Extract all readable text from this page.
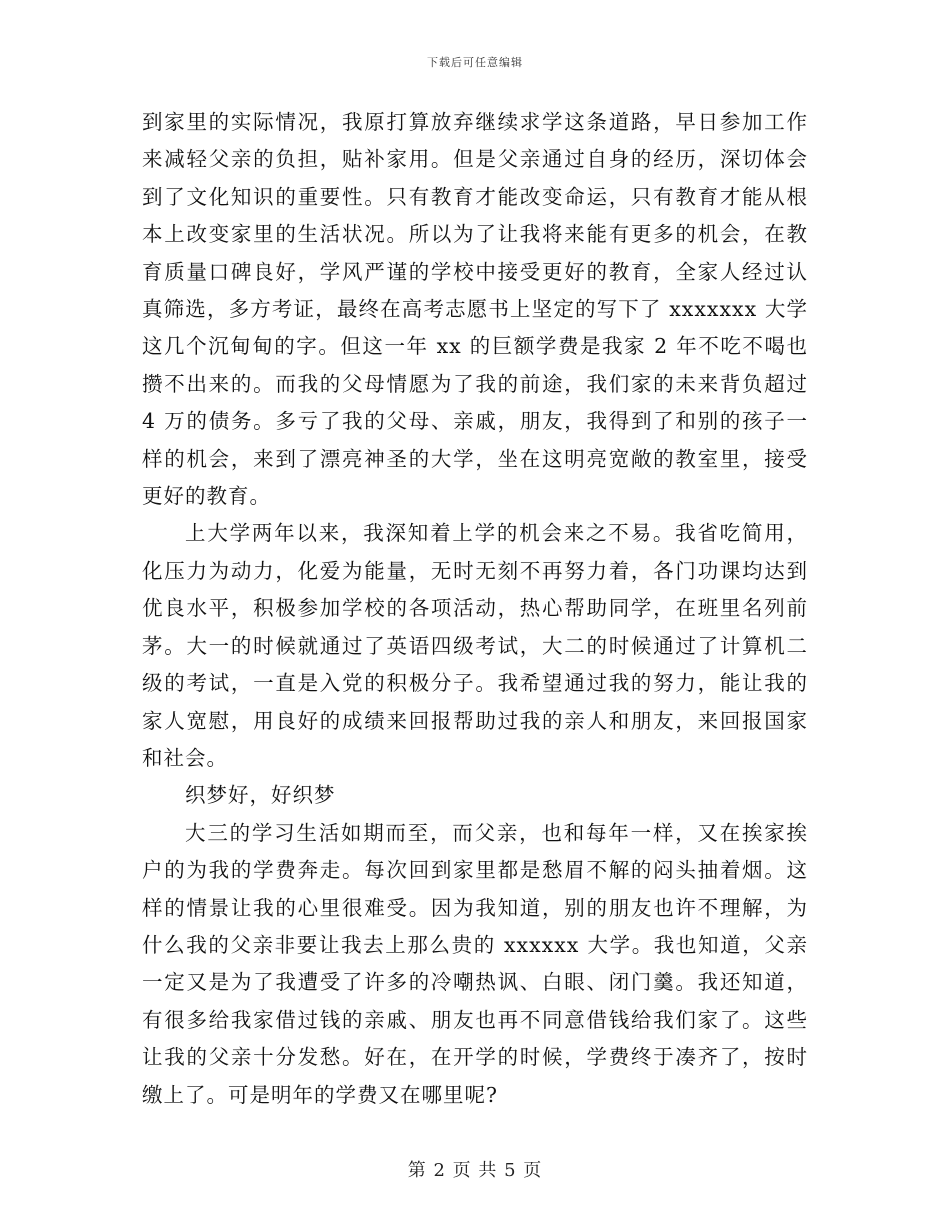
下载后可任意编辑

到家里的实际情况，我原打算放弃继续求学这条道路，早日参加工作来减轻父亲的负担，贴补家用。但是父亲通过自身的经历，深切体会到了文化知识的重要性。只有教育才能改变命运，只有教育才能从根本上改变家里的生活状况。所以为了让我将来能有更多的机会，在教育质量口碑良好，学风严谨的学校中接受更好的教育，全家人经过认真筛选，多方考证，最终在高考志愿书上坚定的写下了 xxxxxxx 大学这几个沉甸甸的字。但这一年 xx 的巨额学费是我家 2 年不吃不喝也攒不出来的。而我的父母情愿为了我的前途，我们家的未来背负超过 4 万的债务。多亏了我的父母、亲戚，朋友，我得到了和别的孩子一样的机会，来到了漂亮神圣的大学，坐在这明亮宽敞的教室里，接受更好的教育。

上大学两年以来，我深知着上学的机会来之不易。我省吃简用，化压力为动力，化爱为能量，无时无刻不再努力着，各门功课均达到优良水平，积极参加学校的各项活动，热心帮助同学，在班里名列前茅。大一的时候就通过了英语四级考试，大二的时候通过了计算机二级的考试，一直是入党的积极分子。我希望通过我的努力，能让我的家人宽慰，用良好的成绩来回报帮助过我的亲人和朋友，来回报国家和社会。

织梦好，好织梦

大三的学习生活如期而至，而父亲，也和每年一样，又在挨家挨户的为我的学费奔走。每次回到家里都是愁眉不解的闷头抽着烟。这样的情景让我的心里很难受。因为我知道，别的朋友也许不理解，为什么我的父亲非要让我去上那么贵的 xxxxxx 大学。我也知道，父亲一定又是为了我遭受了许多的冷嘲热讽、白眼、闭门羹。我还知道，有很多给我家借过钱的亲戚、朋友也再不同意借钱给我们家了。这些让我的父亲十分发愁。好在，在开学的时候，学费终于凑齐了，按时缴上了。可是明年的学费又在哪里呢?

第 2 页 共 5 页
